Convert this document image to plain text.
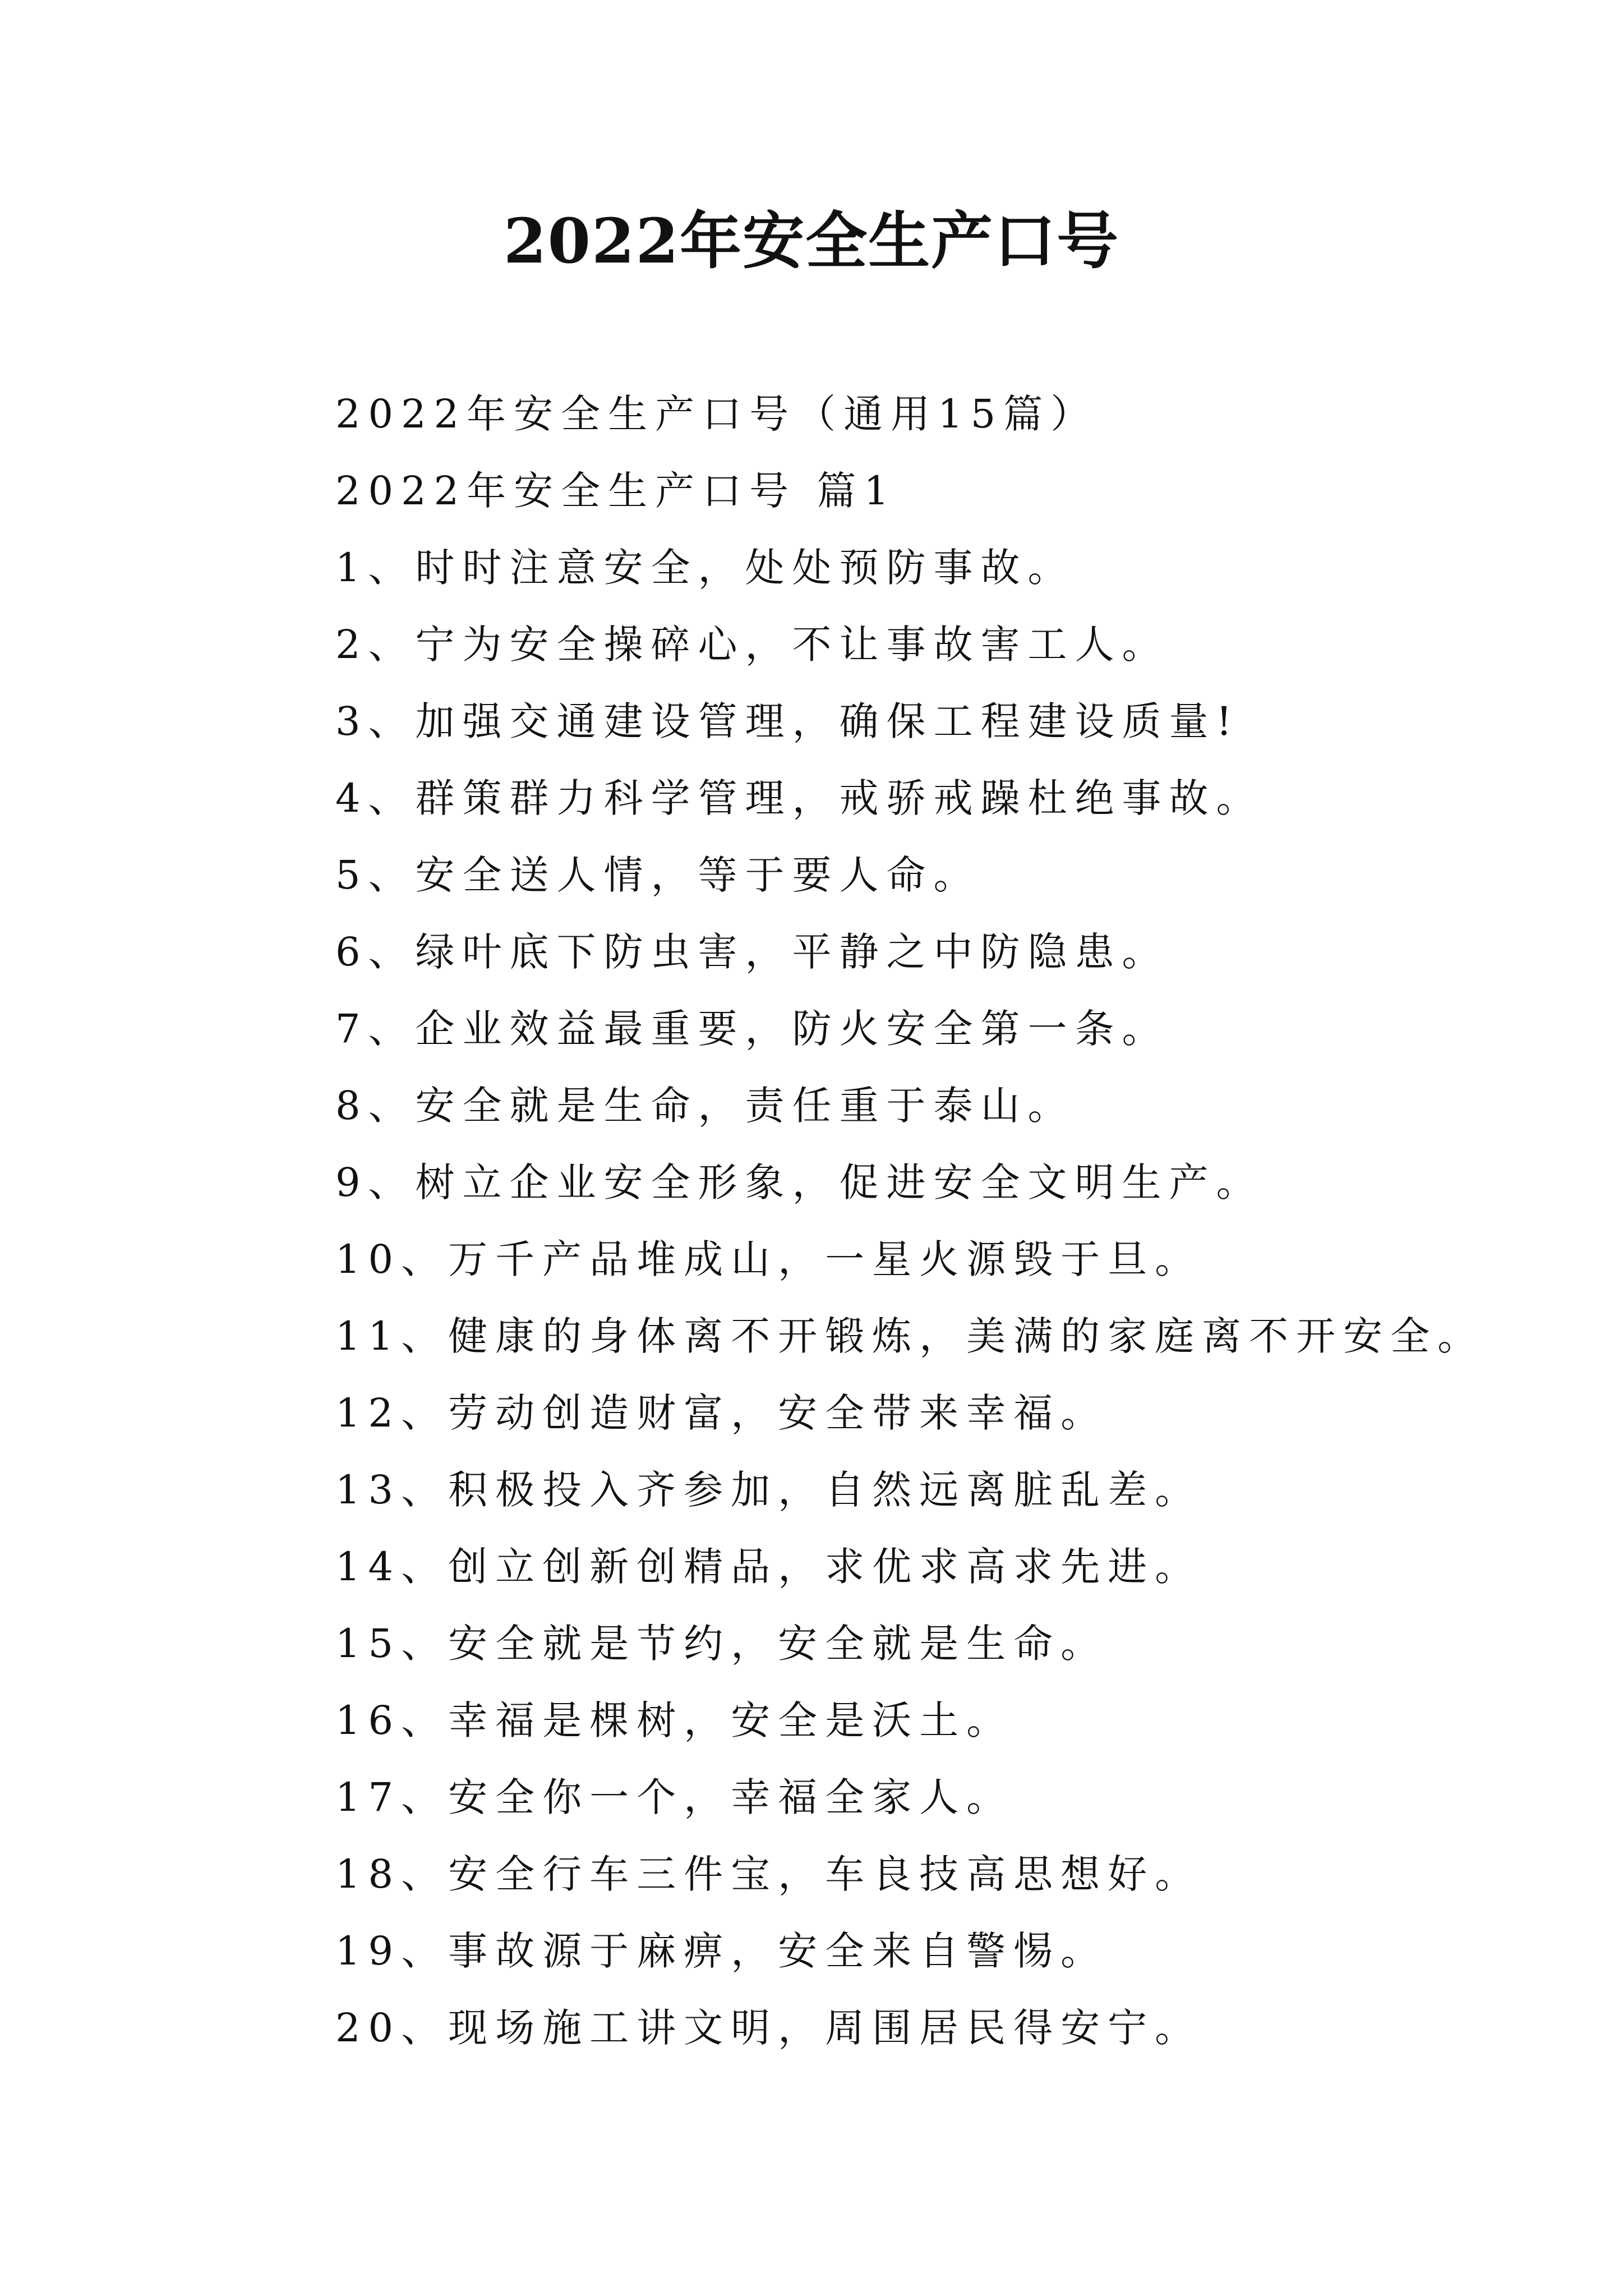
2022年安全生产口号
2022年安全生产口号（通用15篇）
2022年安全生产口号 篇1
1、时时注意安全，处处预防事故。
2、宁为安全操碎心，不让事故害工人。
3、加强交通建设管理，确保工程建设质量!
4、群策群力科学管理，戒骄戒躁杜绝事故。
5、安全送人情，等于要人命。
6、绿叶底下防虫害，平静之中防隐患。
7、企业效益最重要，防火安全第一条。
8、安全就是生命，责任重于泰山。
9、树立企业安全形象，促进安全文明生产。
10、万千产品堆成山，一星火源毁于旦。
11、健康的身体离不开锻炼，美满的家庭离不开安全。
12、劳动创造财富，安全带来幸福。
13、积极投入齐参加，自然远离脏乱差。
14、创立创新创精品，求优求高求先进。
15、安全就是节约，安全就是生命。
16、幸福是棵树，安全是沃土。
17、安全你一个，幸福全家人。
18、安全行车三件宝，车良技高思想好。
19、事故源于麻痹，安全来自警惕。
20、现场施工讲文明，周围居民得安宁。
